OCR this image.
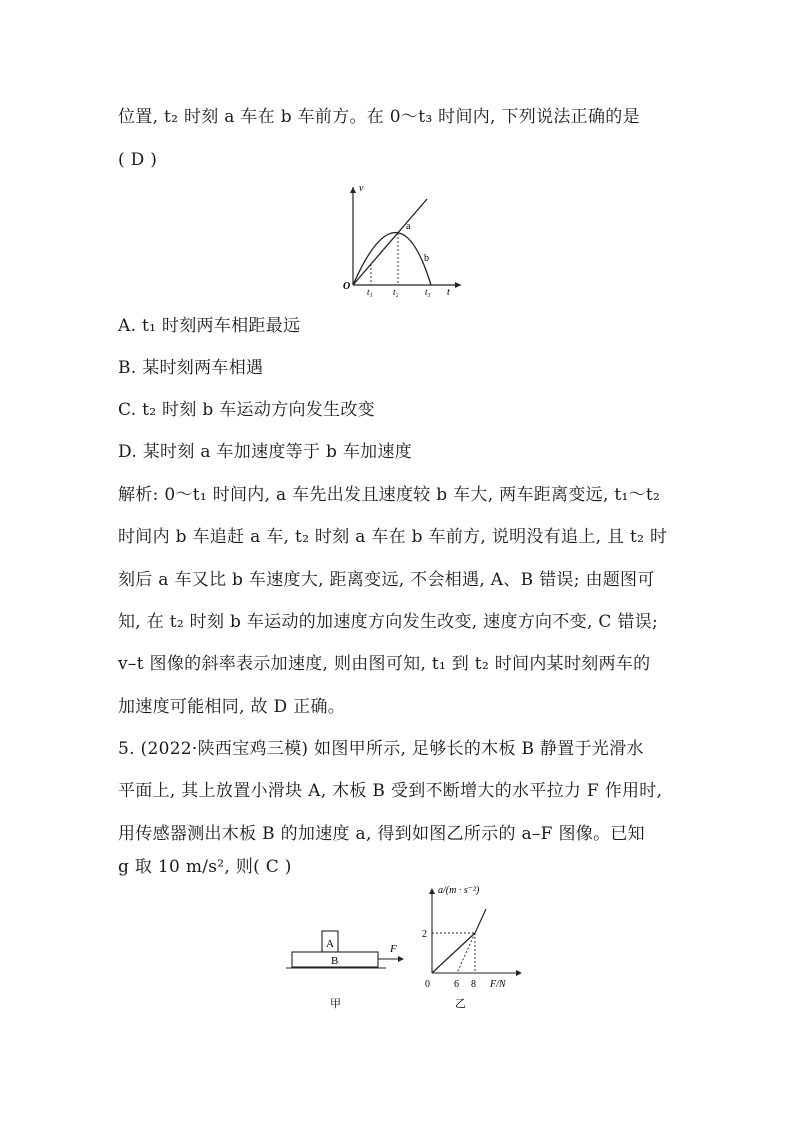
位置, t₂ 时刻 a 车在 b 车前方。在 0～t₃ 时间内, 下列说法正确的是
( D )
v
t
O
a
b
t₁ t₂	t₃
A. t₁ 时刻两车相距最远
B. 某时刻两车相遇
C. t₂ 时刻 b 车运动方向发生改变
D. 某时刻 a 车加速度等于 b 车加速度
解析: 0～t₁ 时间内, a 车先出发且速度较 b 车大, 两车距离变远, t₁～t₂
时间内 b 车追赶 a 车, t₂ 时刻 a 车在 b 车前方, 说明没有追上, 且 t₂ 时
刻后 a 车又比 b 车速度大, 距离变远, 不会相遇, A、B 错误; 由题图可
知, 在 t₂ 时刻 b 车运动的加速度方向发生改变, 速度方向不变, C 错误;
v–t 图像的斜率表示加速度, 则由图可知, t₁ 到 t₂ 时间内某时刻两车的
加速度可能相同, 故 D 正确。
5. (2022·陕西宝鸡三模) 如图甲所示, 足够长的木板 B 静置于光滑水
平面上, 其上放置小滑块 A, 木板 B 受到不断增大的水平拉力 F 作用时,
用传感器测出木板 B 的加速度 a, 得到如图乙所示的 a–F 图像。已知
g 取 10 m/s², 则( C )
A
B
F
甲
a/(m · s⁻²)
F/N
0
2
6 8
乙
